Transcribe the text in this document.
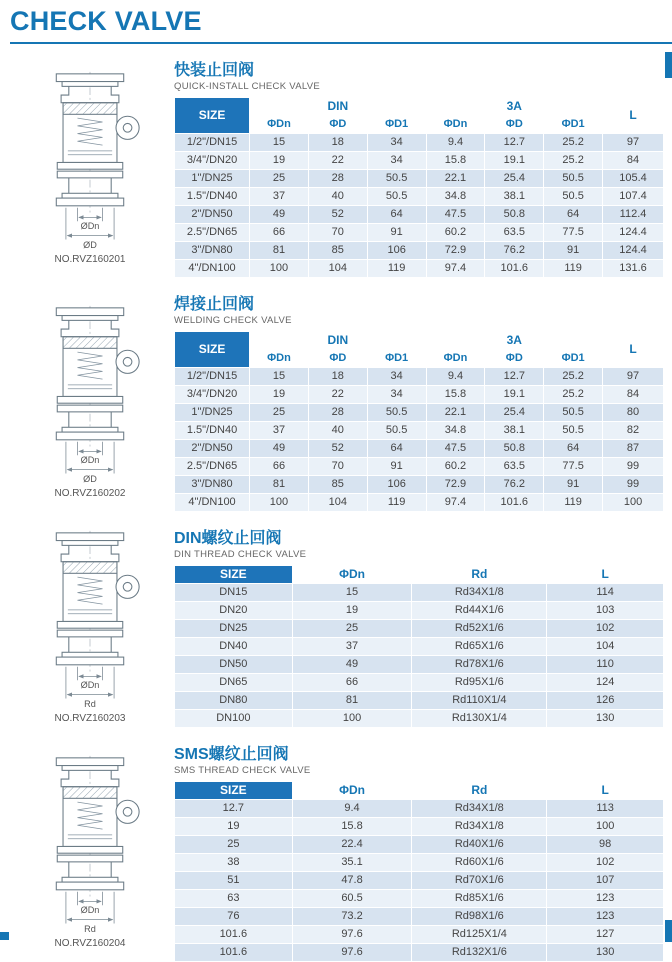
CHECK VALVE
ØDn
ØD
NO.RVZ160201
快装止回阀
QUICK-INSTALL CHECK VALVE
SIZE	DIN			3A			L
	ΦDn	ΦD	ΦD1	ΦDn	ΦD	ΦD1	
1/2"/DN15	15	18	34	9.4	12.7	25.2	97
3/4"/DN20	19	22	34	15.8	19.1	25.2	84
1"/DN25	25	28	50.5	22.1	25.4	50.5	105.4
1.5"/DN40	37	40	50.5	34.8	38.1	50.5	107.4
2"/DN50	49	52	64	47.5	50.8	64	112.4
2.5"/DN65	66	70	91	60.2	63.5	77.5	124.4
3"/DN80	81	85	106	72.9	76.2	91	124.4
4"/DN100	100	104	119	97.4	101.6	119	131.6
ØDn
ØD
NO.RVZ160202
焊接止回阀
WELDING CHECK VALVE
SIZE	DIN			3A			L
	ΦDn	ΦD	ΦD1	ΦDn	ΦD	ΦD1	
1/2"/DN15	15	18	34	9.4	12.7	25.2	97
3/4"/DN20	19	22	34	15.8	19.1	25.2	84
1"/DN25	25	28	50.5	22.1	25.4	50.5	80
1.5"/DN40	37	40	50.5	34.8	38.1	50.5	82
2"/DN50	49	52	64	47.5	50.8	64	87
2.5"/DN65	66	70	91	60.2	63.5	77.5	99
3"/DN80	81	85	106	72.9	76.2	91	99
4"/DN100	100	104	119	97.4	101.6	119	100
ØDn
Rd
NO.RVZ160203
DIN螺纹止回阀
DIN THREAD CHECK VALVE
SIZE	ΦDn	Rd	L
DN15	15	Rd34X1/8	114
DN20	19	Rd44X1/6	103
DN25	25	Rd52X1/6	102
DN40	37	Rd65X1/6	104
DN50	49	Rd78X1/6	110
DN65	66	Rd95X1/6	124
DN80	81	Rd110X1/4	126
DN100	100	Rd130X1/4	130
ØDn
Rd
NO.RVZ160204
SMS螺纹止回阀
SMS THREAD CHECK VALVE
SIZE	ΦDn	Rd	L
12.7	9.4	Rd34X1/8	113
19	15.8	Rd34X1/8	100
25	22.4	Rd40X1/6	98
38	35.1	Rd60X1/6	102
51	47.8	Rd70X1/6	107
63	60.5	Rd85X1/6	123
76	73.2	Rd98X1/6	123
101.6	97.6	Rd125X1/4	127
101.6	97.6	Rd132X1/6	130
